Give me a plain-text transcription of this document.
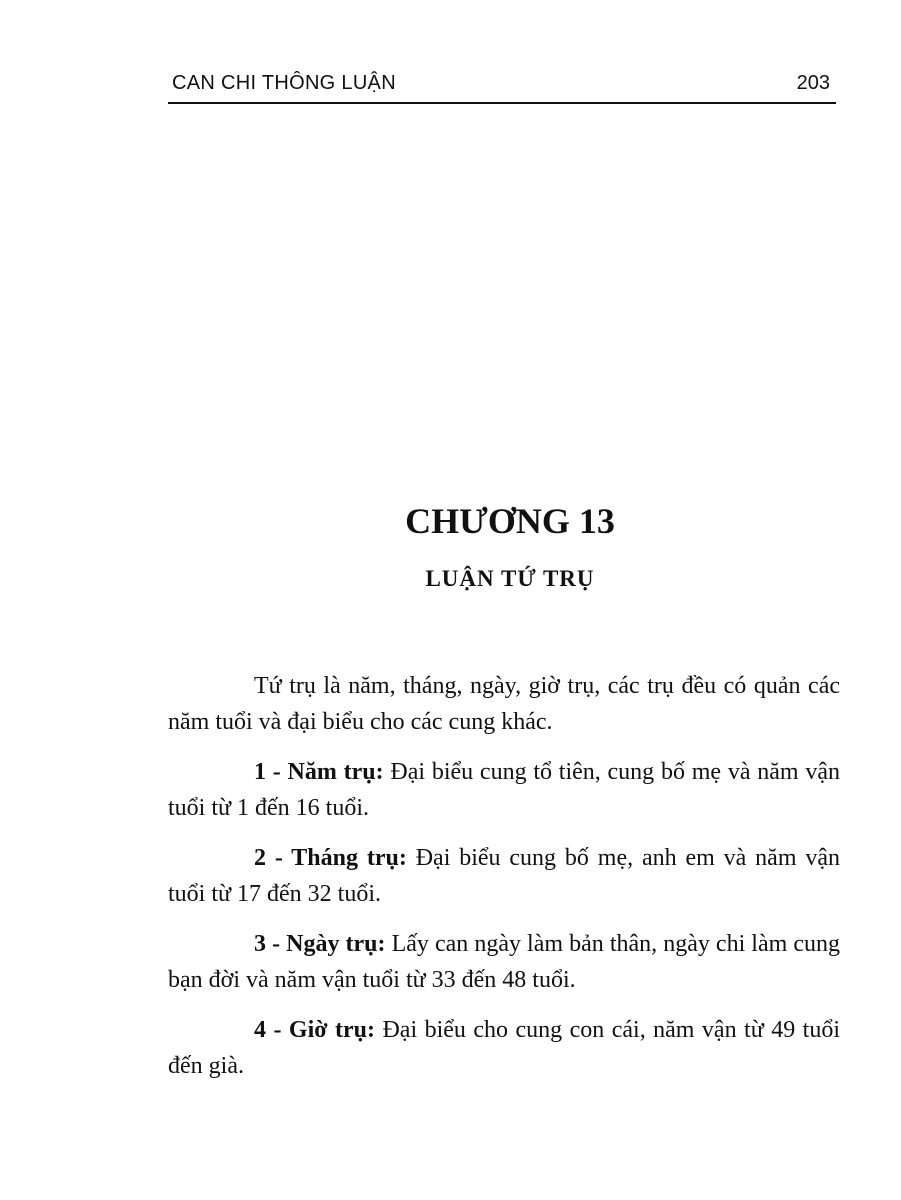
CAN CHI THÔNG LUẬN	203
CHƯƠNG 13
LUẬN TỨ TRỤ

Tứ trụ là năm, tháng, ngày, giờ trụ, các trụ đều có quản các năm tuổi và đại biểu cho các cung khác.

1 - Năm trụ: Đại biểu cung tổ tiên, cung bố mẹ và năm vận tuổi từ 1 đến 16 tuổi.

2 - Tháng trụ: Đại biểu cung bố mẹ, anh em và năm vận tuổi từ 17 đến 32 tuổi.

3 - Ngày trụ: Lấy can ngày làm bản thân, ngày chi làm cung bạn đời và năm vận tuổi từ 33 đến 48 tuổi.

4 - Giờ trụ: Đại biểu cho cung con cái, năm vận từ 49 tuổi đến già.
